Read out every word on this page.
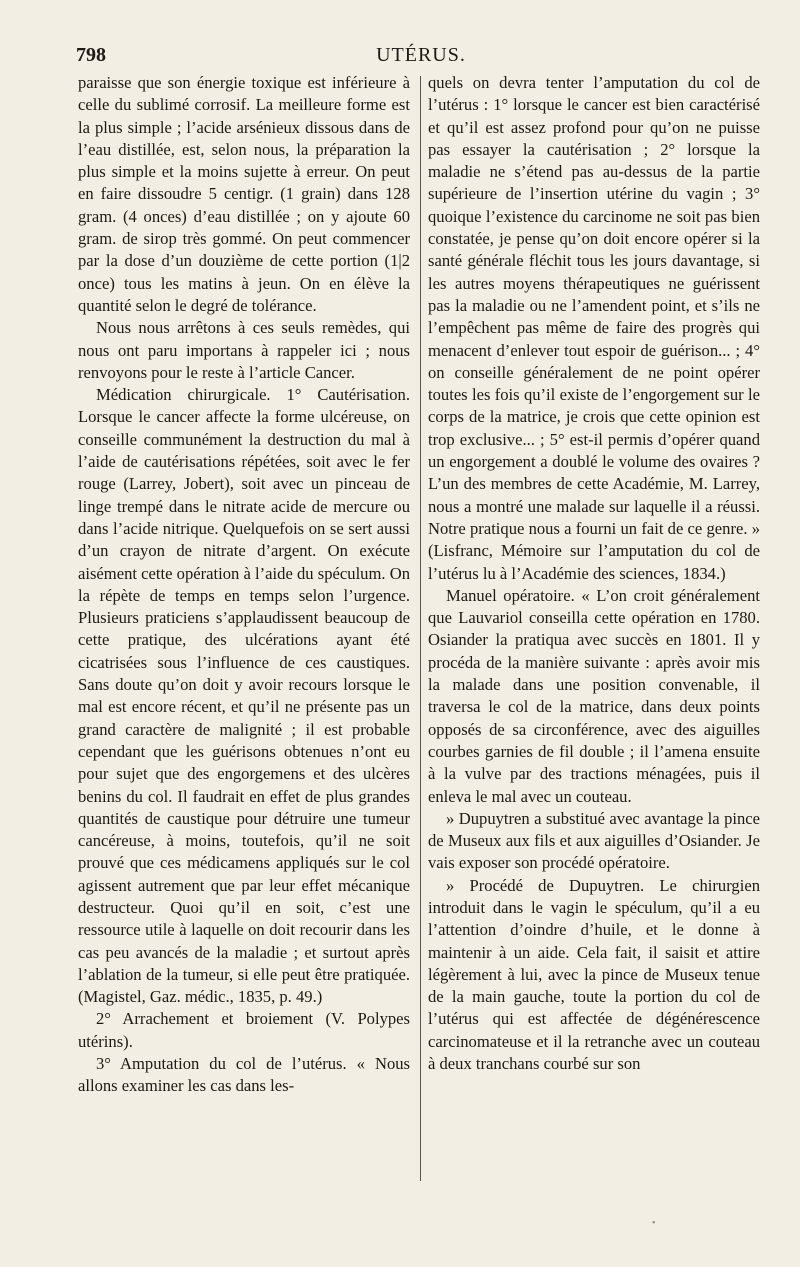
798	UTÉRUS.

paraisse que son énergie toxique est inférieure à celle du sublimé corrosif. La meilleure forme est la plus simple ; l’acide arsénieux dissous dans de l’eau distillée, est, selon nous, la préparation la plus simple et la moins sujette à erreur. On peut en faire dissoudre 5 centigr. (1 grain) dans 128 gram. (4 onces) d’eau distillée ; on y ajoute 60 gram. de sirop très gommé. On peut commencer par la dose d’un douzième de cette portion (1|2 once) tous les matins à jeun. On en élève la quantité selon le degré de tolérance.

Nous nous arrêtons à ces seuls remèdes, qui nous ont paru importans à rappeler ici ; nous renvoyons pour le reste à l’article Cancer.

Médication chirurgicale. 1° Cautérisation. Lorsque le cancer affecte la forme ulcéreuse, on conseille communément la destruction du mal à l’aide de cautérisations répétées, soit avec le fer rouge (Larrey, Jobert), soit avec un pinceau de linge trempé dans le nitrate acide de mercure ou dans l’acide nitrique. Quelquefois on se sert aussi d’un crayon de nitrate d’argent. On exécute aisément cette opération à l’aide du spéculum. On la répète de temps en temps selon l’urgence. Plusieurs praticiens s’applaudissent beaucoup de cette pratique, des ulcérations ayant été cicatrisées sous l’influence de ces caustiques. Sans doute qu’on doit y avoir recours lorsque le mal est encore récent, et qu’il ne présente pas un grand caractère de malignité ; il est probable cependant que les guérisons obtenues n’ont eu pour sujet que des engorgemens et des ulcères benins du col. Il faudrait en effet de plus grandes quantités de caustique pour détruire une tumeur cancéreuse, à moins, toutefois, qu’il ne soit prouvé que ces médicamens appliqués sur le col agissent autrement que par leur effet mécanique destructeur. Quoi qu’il en soit, c’est une ressource utile à laquelle on doit recourir dans les cas peu avancés de la maladie ; et surtout après l’ablation de la tumeur, si elle peut être pratiquée. (Magistel, Gaz. médic., 1835, p. 49.)

2° Arrachement et broiement (V. Polypes utérins).

3° Amputation du col de l’utérus. « Nous allons examiner les cas dans les-

quels on devra tenter l’amputation du col de l’utérus : 1° lorsque le cancer est bien caractérisé et qu’il est assez profond pour qu’on ne puisse pas essayer la cautérisation ; 2° lorsque la maladie ne s’étend pas au-dessus de la partie supérieure de l’insertion utérine du vagin ; 3° quoique l’existence du carcinome ne soit pas bien constatée, je pense qu’on doit encore opérer si la santé générale fléchit tous les jours davantage, si les autres moyens thérapeutiques ne guérissent pas la maladie ou ne l’amendent point, et s’ils ne l’empêchent pas même de faire des progrès qui menacent d’enlever tout espoir de guérison... ; 4° on conseille généralement de ne point opérer toutes les fois qu’il existe de l’engorgement sur le corps de la matrice, je crois que cette opinion est trop exclusive... ; 5° est-il permis d’opérer quand un engorgement a doublé le volume des ovaires ? L’un des membres de cette Académie, M. Larrey, nous a montré une malade sur laquelle il a réussi. Notre pratique nous a fourni un fait de ce genre. » (Lisfranc, Mémoire sur l’amputation du col de l’utérus lu à l’Académie des sciences, 1834.)

Manuel opératoire. « L’on croit généralement que Lauvariol conseilla cette opération en 1780. Osiander la pratiqua avec succès en 1801. Il y procéda de la manière suivante : après avoir mis la malade dans une position convenable, il traversa le col de la matrice, dans deux points opposés de sa circonférence, avec des aiguilles courbes garnies de fil double ; il l’amena ensuite à la vulve par des tractions ménagées, puis il enleva le mal avec un couteau.

» Dupuytren a substitué avec avantage la pince de Museux aux fils et aux aiguilles d’Osiander. Je vais exposer son procédé opératoire.

» Procédé de Dupuytren. Le chirurgien introduit dans le vagin le spéculum, qu’il a eu l’attention d’oindre d’huile, et le donne à maintenir à un aide. Cela fait, il saisit et attire légèrement à lui, avec la pince de Museux tenue de la main gauche, toute la portion du col de l’utérus qui est affectée de dégénérescence carcinomateuse et il la retranche avec un couteau à deux tranchans courbé sur son

•
